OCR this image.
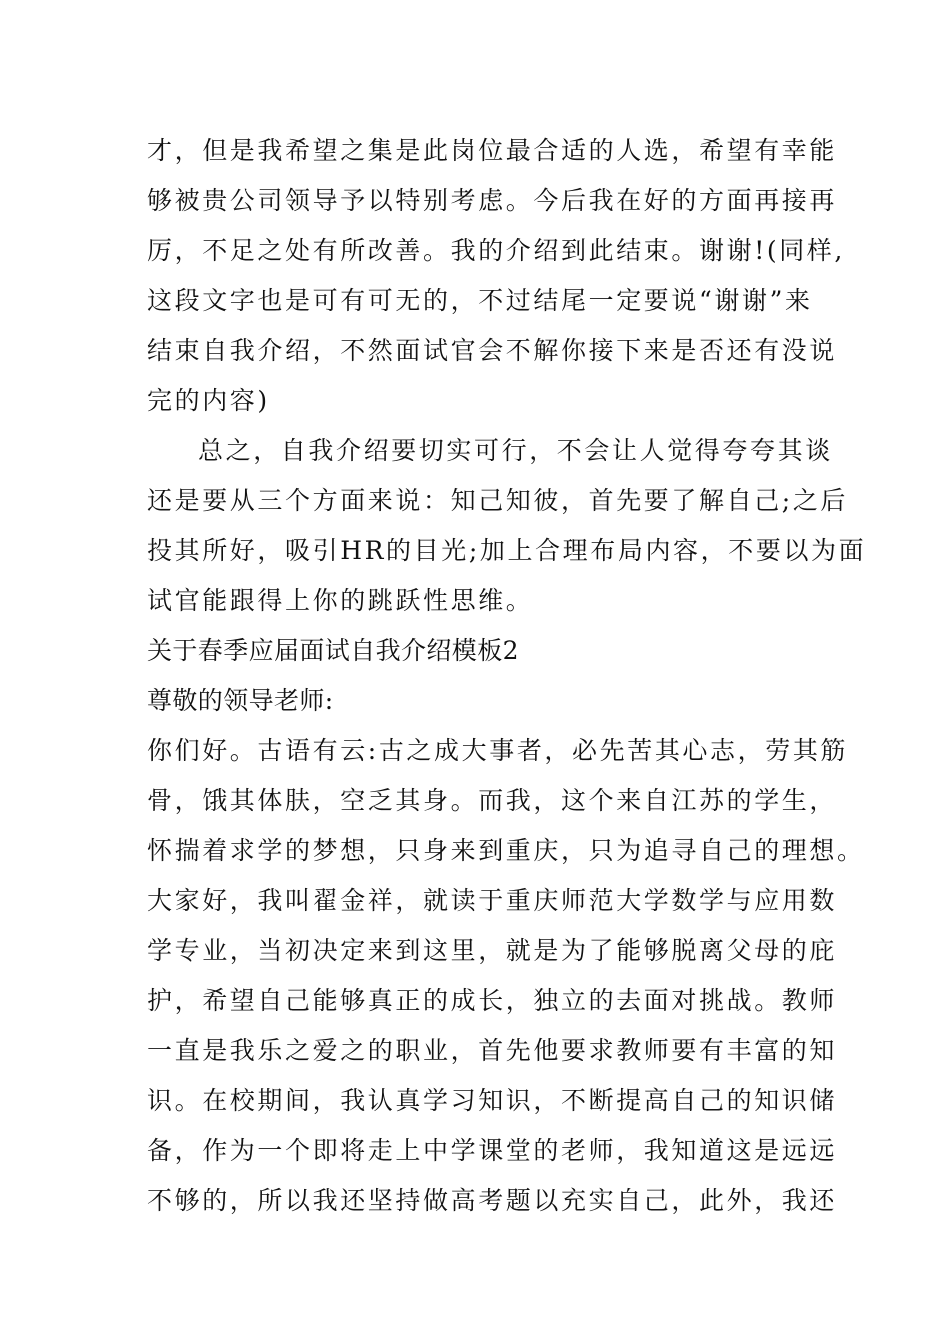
才，但是我希望之集是此岗位最合适的人选，希望有幸能
够被贵公司领导予以特别考虑。今后我在好的方面再接再
厉，不足之处有所改善。我的介绍到此结束。谢谢!(同样,
这段文字也是可有可无的，不过结尾一定要说“谢谢”来
结束自我介绍，不然面试官会不解你接下来是否还有没说
完的内容)
总之，自我介绍要切实可行，不会让人觉得夸夸其谈
还是要从三个方面来说：知己知彼，首先要了解自己;之后
投其所好，吸引HR的目光;加上合理布局内容，不要以为面
试官能跟得上你的跳跃性思维。
关于春季应届面试自我介绍模板2
尊敬的领导老师:
你们好。古语有云:古之成大事者，必先苦其心志，劳其筋
骨，饿其体肤，空乏其身。而我，这个来自江苏的学生，
怀揣着求学的梦想，只身来到重庆，只为追寻自己的理想。
大家好，我叫翟金祥，就读于重庆师范大学数学与应用数
学专业，当初决定来到这里，就是为了能够脱离父母的庇
护，希望自己能够真正的成长，独立的去面对挑战。教师
一直是我乐之爱之的职业，首先他要求教师要有丰富的知
识。在校期间，我认真学习知识，不断提高自己的知识储
备，作为一个即将走上中学课堂的老师，我知道这是远远
不够的，所以我还坚持做高考题以充实自己，此外，我还
